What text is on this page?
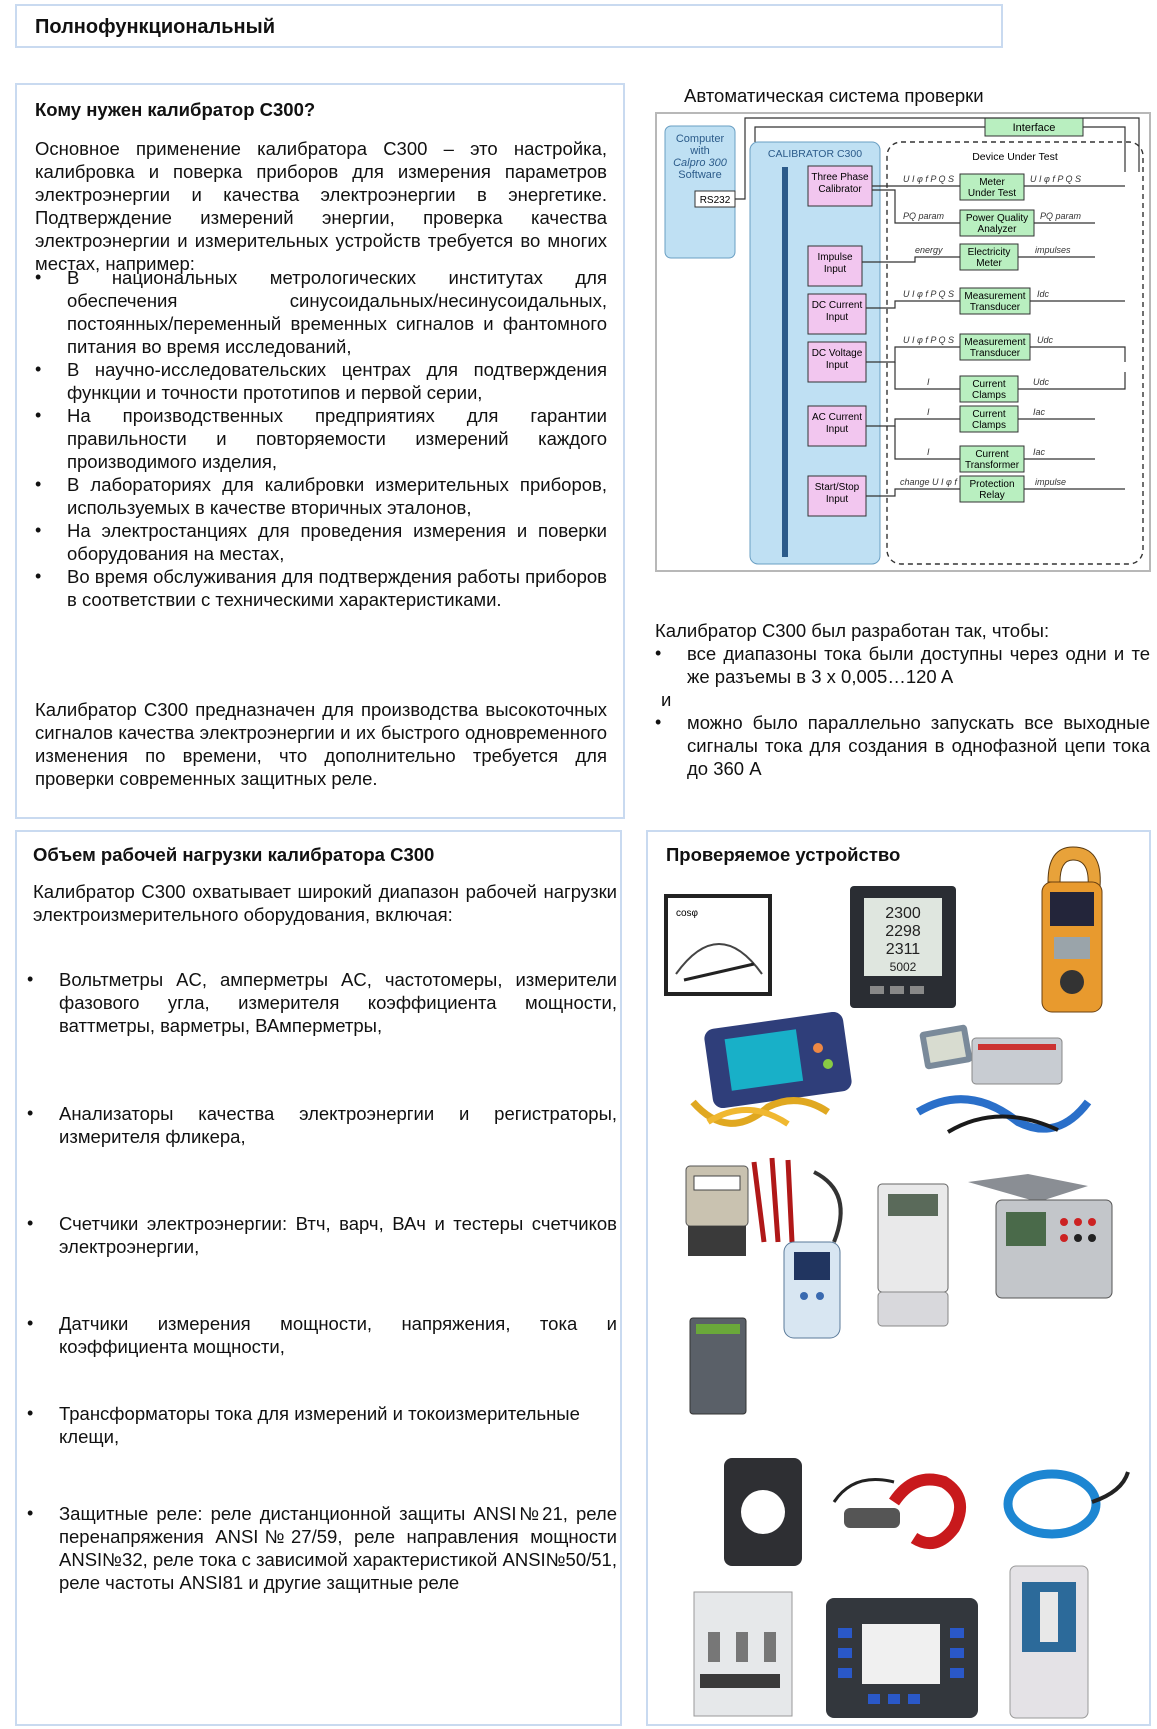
Полнофункциональный
Кому нужен калибратор C300?
Основное применение калибратора С300 – это настройка, калибровка и поверка приборов для измерения параметров электроэнергии и качества электроэнергии в энергетике. Подтверждение измерений энергии, проверка качества электроэнергии и измерительных устройств требуется во многих местах, например:
• В национальных метрологических институтах для обеспечения синусоидальных/несинусоидальных, постоянных/переменный временных сигналов и фантомного питания во время исследований,
• В научно-исследовательских центрах для подтверждения функции и точности прототипов и первой серии,
• На производственных предприятиях для гарантии правильности и повторяемости измерений каждого производимого изделия,
• В лабораториях для калибровки измерительных приборов, используемых в качестве вторичных эталонов,
• На электростанциях для проведения измерения и поверки оборудования на местах,
• Во время обслуживания для подтверждения работы приборов в соответствии с техническими характеристиками.
Калибратор C300 предназначен для производства высокоточных сигналов качества электроэнергии и их быстрого одновременного изменения по времени, что дополнительно требуется для проверки современных защитных реле.
Автоматическая система проверки
Computer
with
Calpro 300
Software
RS232
Interface
CALIBRATOR C300	Device Under Test
Three Phase
Calibrator
Impulse
Input
DC Current
Input
DC Voltage
Input
AC Current
Input
Start/Stop
Input
Meter
Under Test
Power Quality
Analyzer
Electricity
Meter
Measurement
Transducer
Measurement
Transducer
Current
Clamps
Current
Clamps
Current
Transformer
Protection
Relay
U I φ f P Q S
PQ param
energy
U I φ f P Q S
U I φ f P Q S
I
I
I
change U I φ f
U I φ f P Q S
PQ param
impulses
Idc
Udc
Udc
Iac
Iac
impulse
Калибратор C300 был разработан так, чтобы:
• все диапазоны тока были доступны через одни и те же разъемы в 3 x 0,005…120 A
и
• можно было параллельно запускать все выходные сигналы тока для создания в однофазной цепи тока до 360 A
Объем рабочей нагрузки калибратора C300
Калибратор C300 охватывает широкий диапазон рабочей нагрузки электроизмерительного оборудования, включая:
• Вольтметры AC, амперметры AC, частотомеры, измерители фазового угла, измерителя коэффициента мощности, ваттметры, варметры, ВАмперметры,
• Анализаторы качества электроэнергии и регистраторы, измерителя фликера,
• Счетчики электроэнергии: Втч, варч, ВАч и тестеры счетчиков электроэнергии,
• Датчики измерения мощности, напряжения, тока и коэффициента мощности,
• Трансформаторы тока для измерений и токоизмерительные клещи,
• Защитные реле: реле дистанционной защиты ANSI№21, реле перенапряжения ANSI№27/59, реле направления мощности ANSI№32, реле тока с зависимой характеристикой ANSI№50/51, реле частоты ANSI81 и другие защитные реле
Проверяемое устройство
cosφ	2300
2298
2311
5002
